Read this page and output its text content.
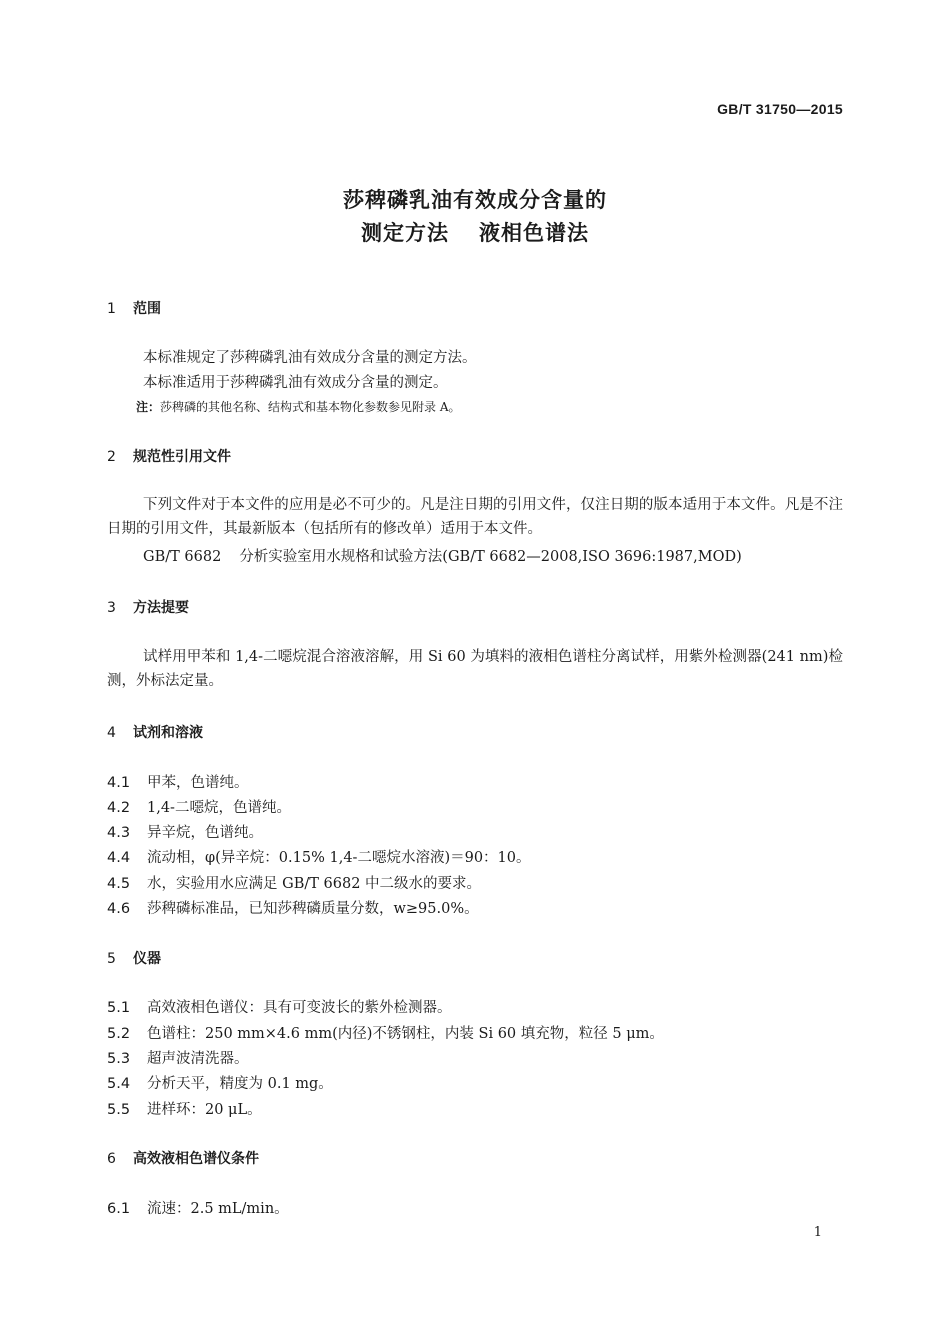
GB/T 31750—2015
莎稗磷乳油有效成分含量的
测定方法 液相色谱法
1 范围
本标准规定了莎稗磷乳油有效成分含量的测定方法。
本标准适用于莎稗磷乳油有效成分含量的测定。
注：莎稗磷的其他名称、结构式和基本物化参数参见附录 A。
2 规范性引用文件
下列文件对于本文件的应用是必不可少的。凡是注日期的引用文件，仅注日期的版本适用于本文件。凡是不注日期的引用文件，其最新版本（包括所有的修改单）适用于本文件。
GB/T 6682 分析实验室用水规格和试验方法(GB/T 6682—2008,ISO 3696:1987,MOD)
3 方法提要
试样用甲苯和 1,4-二噁烷混合溶液溶解，用 Si 60 为填料的液相色谱柱分离试样，用紫外检测器(241 nm)检测，外标法定量。
4 试剂和溶液
4.1 甲苯，色谱纯。
4.2 1,4-二噁烷，色谱纯。
4.3 异辛烷，色谱纯。
4.4 流动相，φ(异辛烷：0.15% 1,4-二噁烷水溶液)＝90：10。
4.5 水，实验用水应满足 GB/T 6682 中二级水的要求。
4.6 莎稗磷标准品，已知莎稗磷质量分数，w≥95.0%。
5 仪器
5.1 高效液相色谱仪：具有可变波长的紫外检测器。
5.2 色谱柱：250 mm×4.6 mm(内径)不锈钢柱，内装 Si 60 填充物，粒径 5 μm。
5.3 超声波清洗器。
5.4 分析天平，精度为 0.1 mg。
5.5 进样环：20 μL。
6 高效液相色谱仪条件
6.1 流速：2.5 mL/min。
1
